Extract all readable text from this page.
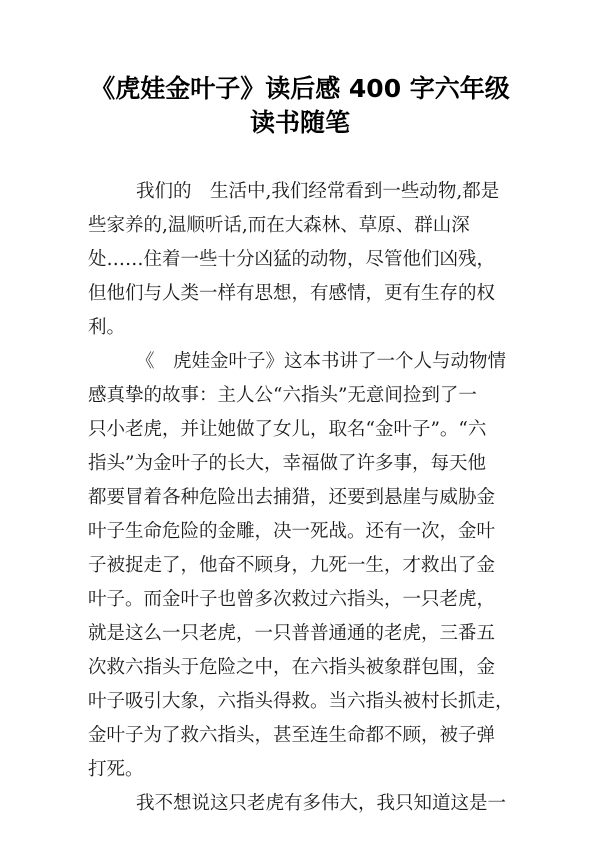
《虎娃金叶子》读后感 400 字六年级
读书随笔
我们的　生活中,我们经常看到一些动物,都是
些家养的,温顺听话,而在大森林、草原、群山深
处……住着一些十分凶猛的动物，尽管他们凶残，
但他们与人类一样有思想，有感情，更有生存的权
利。
《　虎娃金叶子》这本书讲了一个人与动物情
感真挚的故事：主人公“六指头”无意间捡到了一
只小老虎，并让她做了女儿，取名“金叶子”。“六
指头”为金叶子的长大，幸福做了许多事，每天他
都要冒着各种危险出去捕猎，还要到悬崖与威胁金
叶子生命危险的金雕，决一死战。还有一次，金叶
子被捉走了，他奋不顾身，九死一生，才救出了金
叶子。而金叶子也曾多次救过六指头，一只老虎，
就是这么一只老虎，一只普普通通的老虎，三番五
次救六指头于危险之中，在六指头被象群包围，金
叶子吸引大象，六指头得救。当六指头被村长抓走，
金叶子为了救六指头，甚至连生命都不顾，被子弹
打死。
我不想说这只老虎有多伟大，我只知道这是一
